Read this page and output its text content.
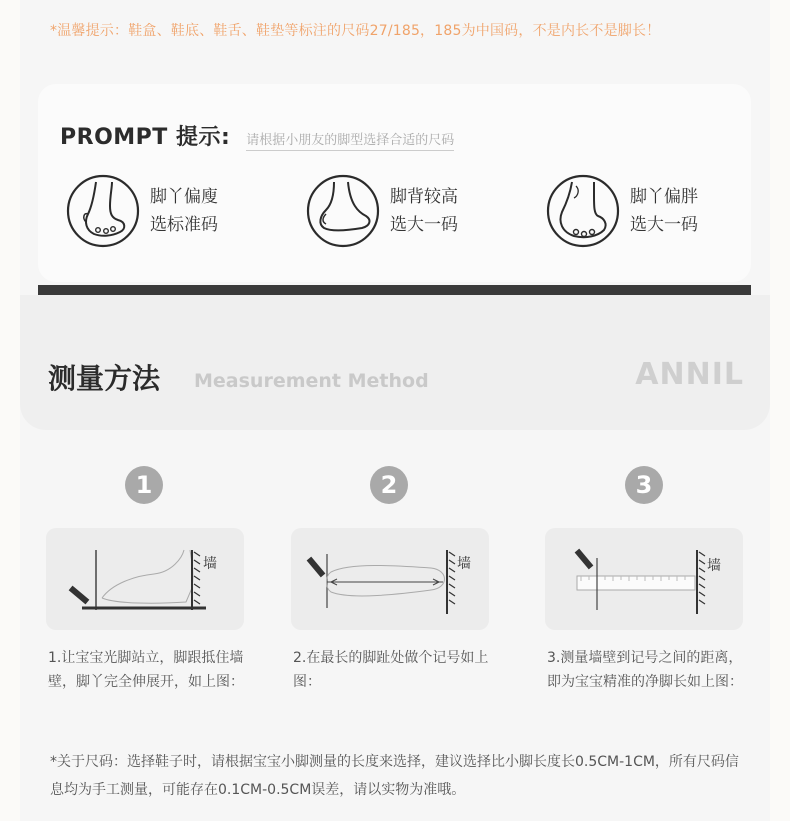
*温馨提示：鞋盒、鞋底、鞋舌、鞋垫等标注的尺码27/185，185为中国码，不是内长不是脚长！
PROMPT 提示: 请根据小朋友的脚型选择合适的尺码
脚丫偏廋
选标准码
脚背较高
选大一码
脚丫偏胖
选大一码
测量方法 Measurement Method	ANNIL
1
墙
1.让宝宝光脚站立，脚跟抵住墙壁，脚丫完全伸展开，如上图：
2
墙
2.在最长的脚趾处做个记号如上图：
3
墙
3.测量墙壁到记号之间的距离，即为宝宝精准的净脚长如上图：
*关于尺码：选择鞋子时，请根据宝宝小脚测量的长度来选择，建议选择比小脚长度长0.5CM-1CM，所有尺码信息均为手工测量，可能存在0.1CM-0.5CM误差，请以实物为准哦。
